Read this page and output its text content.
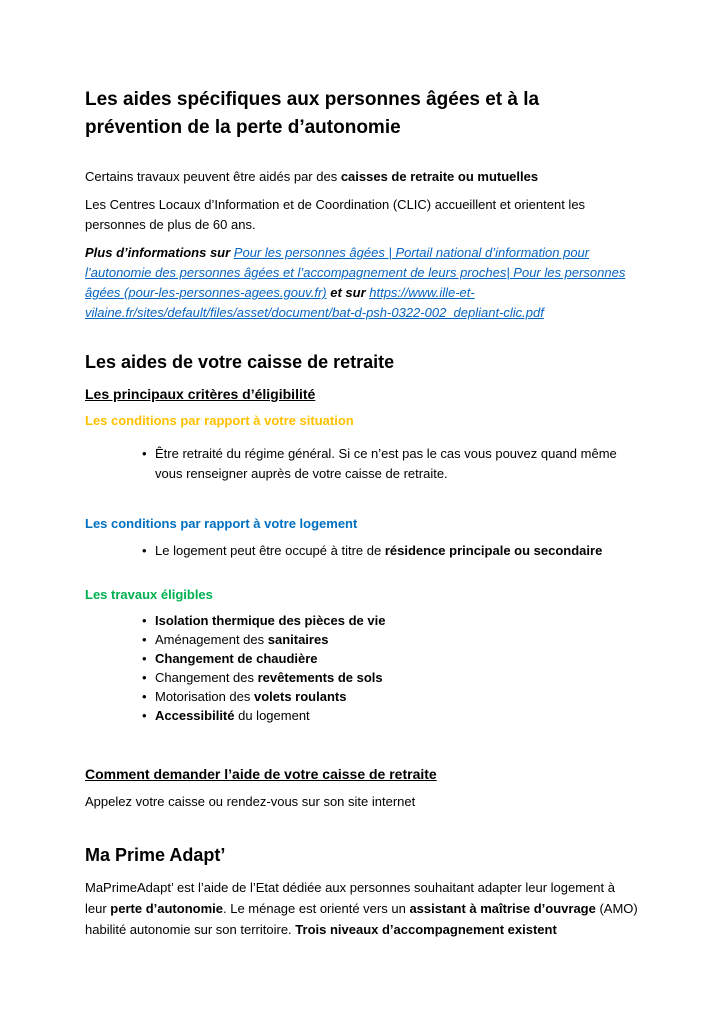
Les aides spécifiques aux personnes âgées et à la prévention de la perte d’autonomie

Certains travaux peuvent être aidés par des caisses de retraite ou mutuelles

Les Centres Locaux d’Information et de Coordination (CLIC) accueillent et orientent les personnes de plus de 60 ans.

Plus d’informations sur Pour les personnes âgées | Portail national d’information pour l’autonomie des personnes âgées et l’accompagnement de leurs proches| Pour les personnes âgées (pour-les-personnes-agees.gouv.fr) et sur https://www.ille-et-vilaine.fr/sites/default/files/asset/document/bat-d-psh-0322-002_depliant-clic.pdf

Les aides de votre caisse de retraite
Les principaux critères d’éligibilité
Les conditions par rapport à votre situation
• Être retraité du régime général. Si ce n’est pas le cas vous pouvez quand même vous renseigner auprès de votre caisse de retraite.
Les conditions par rapport à votre logement
• Le logement peut être occupé à titre de résidence principale ou secondaire
Les travaux éligibles
• Isolation thermique des pièces de vie
• Aménagement des sanitaires
• Changement de chaudière
• Changement des revêtements de sols
• Motorisation des volets roulants
• Accessibilité du logement
Comment demander l’aide de votre caisse de retraite

Appelez votre caisse ou rendez-vous sur son site internet

Ma Prime Adapt’

MaPrimeAdapt’ est l’aide de l’Etat dédiée aux personnes souhaitant adapter leur logement à leur perte d’autonomie. Le ménage est orienté vers un assistant à maîtrise d’ouvrage (AMO) habilité autonomie sur son territoire. Trois niveaux d’accompagnement existent
